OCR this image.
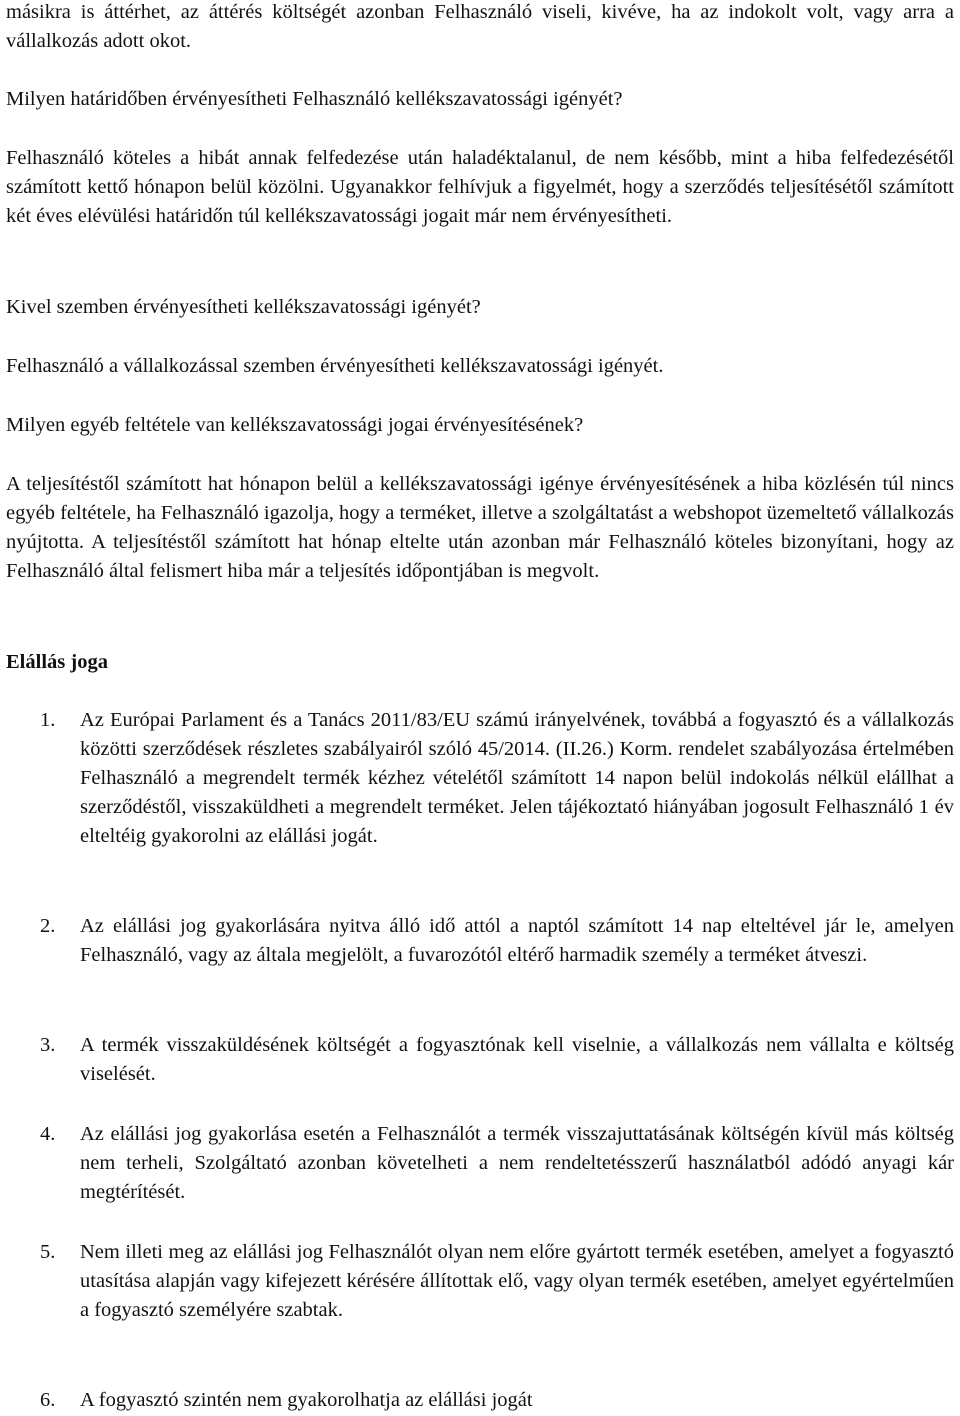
másikra is áttérhet, az áttérés költségét azonban Felhasználó viseli, kivéve, ha az indokolt volt, vagy arra a vállalkozás adott okot.

Milyen határidőben érvényesítheti Felhasználó kellékszavatossági igényét?

Felhasználó köteles a hibát annak felfedezése után haladéktalanul, de nem később, mint a hiba felfedezésétől számított kettő hónapon belül közölni. Ugyanakkor felhívjuk a figyelmét, hogy a szerződés teljesítésétől számított két éves elévülési határidőn túl kellékszavatossági jogait már nem érvényesítheti.

Kivel szemben érvényesítheti kellékszavatossági igényét?

Felhasználó a vállalkozással szemben érvényesítheti kellékszavatossági igényét.

Milyen egyéb feltétele van kellékszavatossági jogai érvényesítésének?

A teljesítéstől számított hat hónapon belül a kellékszavatossági igénye érvényesítésének a hiba közlésén túl nincs egyéb feltétele, ha Felhasználó igazolja, hogy a terméket, illetve a szolgáltatást a webshopot üzemeltető vállalkozás nyújtotta. A teljesítéstől számított hat hónap eltelte után azonban már Felhasználó köteles bizonyítani, hogy az Felhasználó által felismert hiba már a teljesítés időpontjában is megvolt.

Elállás joga
1.	Az Európai Parlament és a Tanács 2011/83/EU számú irányelvének, továbbá a fogyasztó és a vállalkozás közötti szerződések részletes szabályairól szóló 45/2014. (II.26.) Korm. rendelet szabályozása értelmében Felhasználó a megrendelt termék kézhez vételétől számított 14 napon belül indokolás nélkül elállhat a szerződéstől, visszaküldheti a megrendelt terméket. Jelen tájékoztató hiányában jogosult Felhasználó 1 év elteltéig gyakorolni az elállási jogát.

2.	Az elállási jog gyakorlására nyitva álló idő attól a naptól számított 14 nap elteltével jár le, amelyen Felhasználó, vagy az általa megjelölt, a fuvarozótól eltérő harmadik személy a terméket átveszi.

3.	A termék visszaküldésének költségét a fogyasztónak kell viselnie, a vállalkozás nem vállalta e költség viselését.

4.	Az elállási jog gyakorlása esetén a Felhasználót a termék visszajuttatásának költségén kívül más költség nem terheli, Szolgáltató azonban követelheti a nem rendeltetésszerű használatból adódó anyagi kár megtérítését.

5.	Nem illeti meg az elállási jog Felhasználót olyan nem előre gyártott termék esetében, amelyet a fogyasztó utasítása alapján vagy kifejezett kérésére állítottak elő, vagy olyan termék esetében, amelyet egyértelműen a fogyasztó személyére szabtak.

6.	A fogyasztó szintén nem gyakorolhatja az elállási jogát
